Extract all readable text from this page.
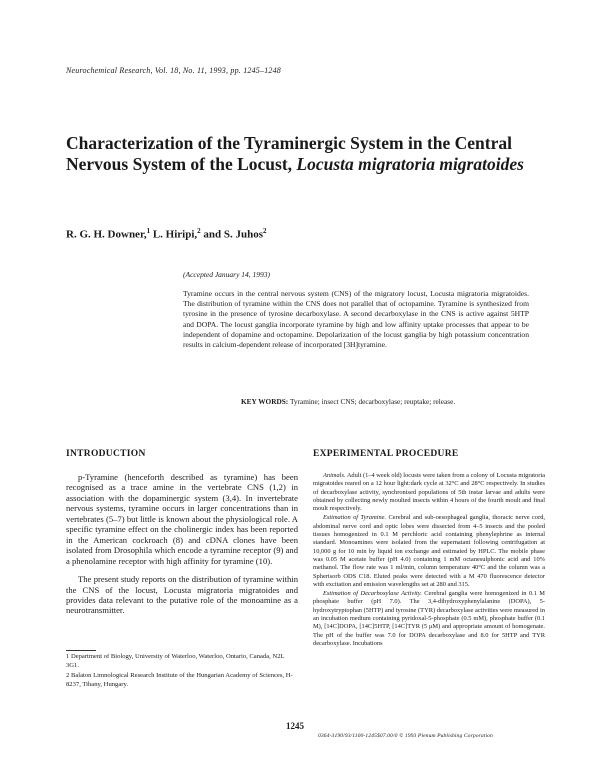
Neurochemical Research, Vol. 18, No. 11, 1993, pp. 1245–1248
Characterization of the Tyraminergic System in the Central Nervous System of the Locust, Locusta migratoria migratoides
R. G. H. Downer,$^1$ L. Hiripi,$^2$ and S. Juhos$^2$
(Accepted January 14, 1993)
Tyramine occurs in the central nervous system (CNS) of the migratory locust, Locusta migratoria migratoides. The distribution of tyramine within the CNS does not parallel that of octopamine. Tyramine is synthesized from tyrosine in the presence of tyrosine decarboxylase. A second decarboxylase in the CNS is active against 5HTP and DOPA. The locust ganglia incorporate tyramine by high and low affinity uptake processes that appear to be independent of dopamine and octopamine. Depolarization of the locust ganglia by high potassium concentration results in calcium-dependent release of incorporated [3H]tyramine.
KEY WORDS: Tyramine; insect CNS; decarboxylase; reuptake; release.
INTRODUCTION

p-Tyramine (henceforth described as tyramine) has been recognised as a trace amine in the vertebrate CNS (1,2) in association with the dopaminergic system (3,4). In invertebrate nervous systems, tyramine occurs in larger concentrations than in vertebrates (5–7) but little is known about the physiological role. A specific tyramine effect on the cholinergic index has been reported in the American cockroach (8) and cDNA clones have been isolated from Drosophila which encode a tyramine receptor (9) and a phenolamine receptor with high affinity for tyramine (10).

The present study reports on the distribution of tyramine within the CNS of the locust, Locusta migratoria migratoides and provides data relevant to the putative role of the monoamine as a neurotransmitter.

1 Department of Biology, University of Waterloo, Waterloo, Ontario, Canada, N2L 3G1.

2 Balaton Limnological Research Institute of the Hungarian Academy of Sciences, H-8237, Tihany, Hungary.

EXPERIMENTAL PROCEDURE

Animals. Adult (1–4 week old) locusts were taken from a colony of Locusta migratoria migratoides reared on a 12 hour light:dark cycle at 32°C and 28°C respectively. In studies of decarboxylase activity, synchronised populations of 5th instar larvae and adults were obtained by collecting newly moulted insects within 4 hours of the fourth moult and final moult respectively.

Estimation of Tyramine. Cerebral and sub-oesophageal ganglia, thoracic nerve cord, abdominal nerve cord and optic lobes were dissected from 4–5 insects and the pooled tissues homogenized in 0.1 M perchloric acid containing phenylephrine as internal standard. Monoamines were isolated from the supernatant following centrifugation at 10,000 g for 10 min by liquid ion exchange and estimated by HPLC. The mobile phase was 0.05 M acetate buffer (pH 4.0) containing 1 mM octanesulphonic acid and 10% methanol. The flow rate was 1 ml/min, column temperature 40°C and the column was a Spherisorb ODS C18. Eluted peaks were detected with a M 470 fluorescence detector with excitation and emission wavelengths set at 280 and 315.

Estimation of Decarboxylase Activity. Cerebral ganglia were homogenized in 0.1 M phosphate buffer (pH 7.0). The 3,4-dihydroxyphenylalanine (DOPA), 5-hydroxytryptophan (5HTP) and tyrosine (TYR) decarboxylase activities were measured in an incubation medium containing pyridoxal-5-phosphate (0.5 mM), phosphate buffer (0.1 M), [14C]DOPA, [14C]5HTP, [14C]TYR (5 μM) and appropriate amount of homogenate. The pH of the buffer was 7.0 for DOPA decarboxylase and 8.0 for 5HTP and TYR decarboxylase. Incubations

1245
0364-3190/93/1100-1245$07.00/0 © 1993 Plenum Publishing Corporation
